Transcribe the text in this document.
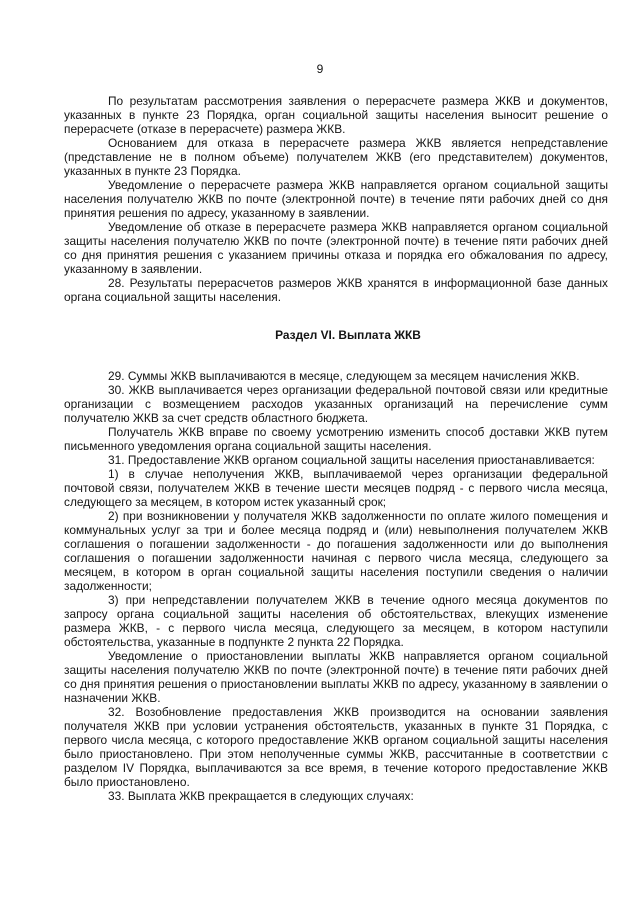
9

По результатам рассмотрения заявления о перерасчете размера ЖКВ и документов, указанных в пункте 23 Порядка, орган социальной защиты населения выносит решение о перерасчете (отказе в перерасчете) размера ЖКВ.

Основанием для отказа в перерасчете размера ЖКВ является непредставление (представление не в полном объеме) получателем ЖКВ (его представителем) документов, указанных в пункте 23 Порядка.

Уведомление о перерасчете размера ЖКВ направляется органом социальной защиты населения получателю ЖКВ по почте (электронной почте) в течение пяти рабочих дней со дня принятия решения по адресу, указанному в заявлении.

Уведомление об отказе в перерасчете размера ЖКВ направляется органом социальной защиты населения получателю ЖКВ по почте (электронной почте) в течение пяти рабочих дней со дня принятия решения с указанием причины отказа и порядка его обжалования по адресу, указанному в заявлении.

28. Результаты перерасчетов размеров ЖКВ хранятся в информационной базе данных органа социальной защиты населения.

Раздел VI. Выплата ЖКВ

29. Суммы ЖКВ выплачиваются в месяце, следующем за месяцем начисления ЖКВ.

30. ЖКВ выплачивается через организации федеральной почтовой связи или кредитные организации с возмещением расходов указанных организаций на перечисление сумм получателю ЖКВ за счет средств областного бюджета.

Получатель ЖКВ вправе по своему усмотрению изменить способ доставки ЖКВ путем письменного уведомления органа социальной защиты населения.

31. Предоставление ЖКВ органом социальной защиты населения приостанавливается:

1) в случае неполучения ЖКВ, выплачиваемой через организации федеральной почтовой связи, получателем ЖКВ в течение шести месяцев подряд - с первого числа месяца, следующего за месяцем, в котором истек указанный срок;

2) при возникновении у получателя ЖКВ задолженности по оплате жилого помещения и коммунальных услуг за три и более месяца подряд и (или) невыполнения получателем ЖКВ соглашения о погашении задолженности - до погашения задолженности или до выполнения соглашения о погашении задолженности начиная с первого числа месяца, следующего за месяцем, в котором в орган социальной защиты населения поступили сведения о наличии задолженности;

3) при непредставлении получателем ЖКВ в течение одного месяца документов по запросу органа социальной защиты населения об обстоятельствах, влекущих изменение размера ЖКВ, - с первого числа месяца, следующего за месяцем, в котором наступили обстоятельства, указанные в подпункте 2 пункта 22 Порядка.

Уведомление о приостановлении выплаты ЖКВ направляется органом социальной защиты населения получателю ЖКВ по почте (электронной почте) в течение пяти рабочих дней со дня принятия решения о приостановлении выплаты ЖКВ по адресу, указанному в заявлении о назначении ЖКВ.

32. Возобновление предоставления ЖКВ производится на основании заявления получателя ЖКВ при условии устранения обстоятельств, указанных в пункте 31 Порядка, с первого числа месяца, с которого предоставление ЖКВ органом социальной защиты населения было приостановлено. При этом неполученные суммы ЖКВ, рассчитанные в соответствии с разделом IV Порядка, выплачиваются за все время, в течение которого предоставление ЖКВ было приостановлено.

33. Выплата ЖКВ прекращается в следующих случаях:
